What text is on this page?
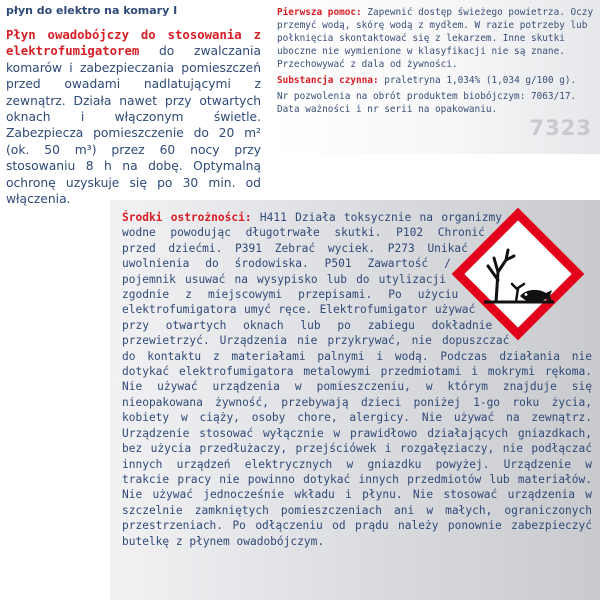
płyn do elektro na komary I
Płyn owadobójczy do stosowania z elektrofumigatorem do zwalczania komarów i zabezpieczania pomieszczeń przed owadami nadlatującymi z zewnątrz. Działa nawet przy otwartych oknach i włączonym świetle. Zabezpiecza pomieszczenie do 20 m² (ok. 50 m³) przez 60 nocy przy stosowaniu 8 h na dobę. Optymalną ochronę uzyskuje się po 30 min. od włączenia.

Pierwsza pomoc: Zapewnić dostęp świeżego powietrza. Oczy przemyć wodą, skórę wodą z mydłem. W razie potrzeby lub połknięcia skontaktować się z lekarzem. Inne skutki uboczne nie wymienione w klasyfikacji nie są znane.

Przechowywać z dala od żywności.

Substancja czynna: praletryna 1,034% (1,034 g/100 g).

Nr pozwolenia na obrót produktem biobójczym: 7063/17.

Data ważności i nr serii na opakowaniu.

7323
Środki ostrożności: H411 Działa toksycznie na organizmy wodne powodując długotrwałe skutki. P102 Chronić przed dziećmi. P391 Zebrać wyciek. P273 Unikać uwolnienia do środowiska. P501 Zawartość / pojemnik usuwać na wysypisko lub do utylizacji zgodnie z miejscowymi przepisami. Po użyciu elektrofumigatora umyć ręce. Elektrofumigator używać przy otwartych oknach lub po zabiegu dokładnie przewietrzyć. Urządzenia nie przykrywać, nie dopuszczać do kontaktu z materiałami palnymi i wodą. Podczas działania nie dotykać elektrofumigatora metalowymi przedmiotami i mokrymi rękoma. Nie używać urządzenia w pomieszczeniu, w którym znajduje się nieopakowana żywność, przebywają dzieci poniżej 1-go roku życia, kobiety w ciąży, osoby chore, alergicy. Nie używać na zewnątrz. Urządzenie stosować wyłącznie w prawidłowo działających gniazdkach, bez użycia przedłużaczy, przejściówek i rozgałęziaczy, nie podłączać innych urządzeń elektrycznych w gniazdku powyżej. Urządzenie w trakcie pracy nie powinno dotykać innych przedmiotów lub materiałów. Nie używać jednocześnie wkładu i płynu. Nie stosować urządzenia w szczelnie zamkniętych pomieszczeniach ani w małych, ograniczonych przestrzeniach. Po odłączeniu od prądu należy ponownie zabezpieczyć butelkę z płynem owadobójczym.
